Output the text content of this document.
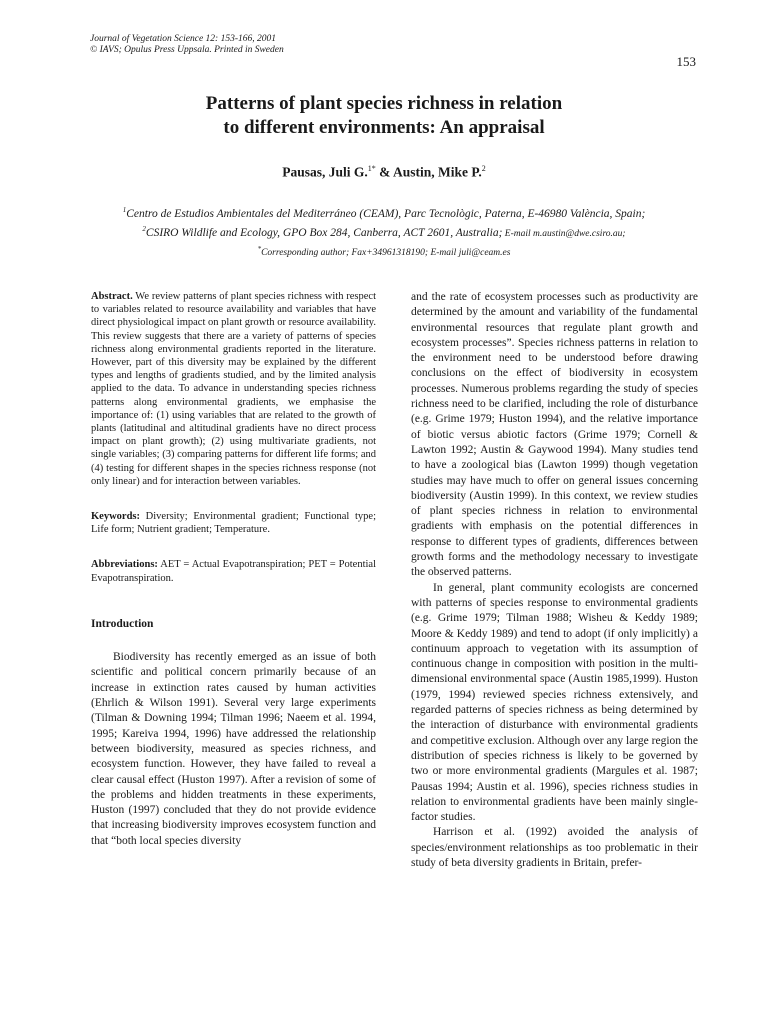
Journal of Vegetation Science 12: 153-166, 2001
© IAVS; Opulus Press Uppsala. Printed in Sweden
153
Patterns of plant species richness in relation
to different environments: An appraisal
Pausas, Juli G.$^{1*}$ & Austin, Mike P.$^2$
$^1$Centro de Estudios Ambientales del Mediterráneo (CEAM), Parc Tecnològic, Paterna, E-46980 València, Spain;
$^2$CSIRO Wildlife and Ecology, GPO Box 284, Canberra, ACT 2601, Australia; E-mail m.austin@dwe.csiro.au;
*Corresponding author; Fax+34961318190; E-mail juli@ceam.es

Abstract. We review patterns of plant species richness with respect to variables related to resource availability and variables that have direct physiological impact on plant growth or resource availability. This review suggests that there are a variety of patterns of species richness along environmental gradients reported in the literature. However, part of this diversity may be explained by the different types and lengths of gradients studied, and by the limited analysis applied to the data. To advance in understanding species richness patterns along environmental gradients, we emphasise the importance of: (1) using variables that are related to the growth of plants (latitudinal and altitudinal gradients have no direct process impact on plant growth); (2) using multivariate gradients, not single variables; (3) comparing patterns for different life forms; and (4) testing for different shapes in the species richness response (not only linear) and for interaction between variables.

Keywords: Diversity; Environmental gradient; Functional type; Life form; Nutrient gradient; Temperature.

Abbreviations: AET = Actual Evapotranspiration; PET = Potential Evapotranspiration.

Introduction

Biodiversity has recently emerged as an issue of both scientific and political concern primarily because of an increase in extinction rates caused by human activities (Ehrlich & Wilson 1991). Several very large experiments (Tilman & Downing 1994; Tilman 1996; Naeem et al. 1994, 1995; Kareiva 1994, 1996) have addressed the relationship between biodiversity, measured as species richness, and ecosystem function. However, they have failed to reveal a clear causal effect (Huston 1997). After a revision of some of the problems and hidden treatments in these experiments, Huston (1997) concluded that they do not provide evidence that increasing biodiversity improves ecosystem function and that “both local species diversity

and the rate of ecosystem processes such as productivity are determined by the amount and variability of the fundamental environmental resources that regulate plant growth and ecosystem processes”. Species richness patterns in relation to the environment need to be understood before drawing conclusions on the effect of biodiversity in ecosystem processes. Numerous problems regarding the study of species richness need to be clarified, including the role of disturbance (e.g. Grime 1979; Huston 1994), and the relative importance of biotic versus abiotic factors (Grime 1979; Cornell & Lawton 1992; Austin & Gaywood 1994). Many studies tend to have a zoological bias (Lawton 1999) though vegetation studies may have much to offer on general issues concerning biodiversity (Austin 1999). In this context, we review studies of plant species richness in relation to environmental gradients with emphasis on the potential differences in response to different types of gradients, differences between growth forms and the methodology necessary to investigate the observed patterns.

In general, plant community ecologists are concerned with patterns of species response to environmental gradients (e.g. Grime 1979; Tilman 1988; Wisheu & Keddy 1989; Moore & Keddy 1989) and tend to adopt (if only implicitly) a continuum approach to vegetation with its assumption of continuous change in composition with position in the multi-dimensional environmental space (Austin 1985,1999). Huston (1979, 1994) reviewed species richness extensively, and regarded patterns of species richness as being determined by the interaction of disturbance with environmental gradients and competitive exclusion. Although over any large region the distribution of species richness is likely to be governed by two or more environmental gradients (Margules et al. 1987; Pausas 1994; Austin et al. 1996), species richness studies in relation to environmental gradients have been mainly single-factor studies.

Harrison et al. (1992) avoided the analysis of species/environment relationships as too problematic in their study of beta diversity gradients in Britain, prefer-
